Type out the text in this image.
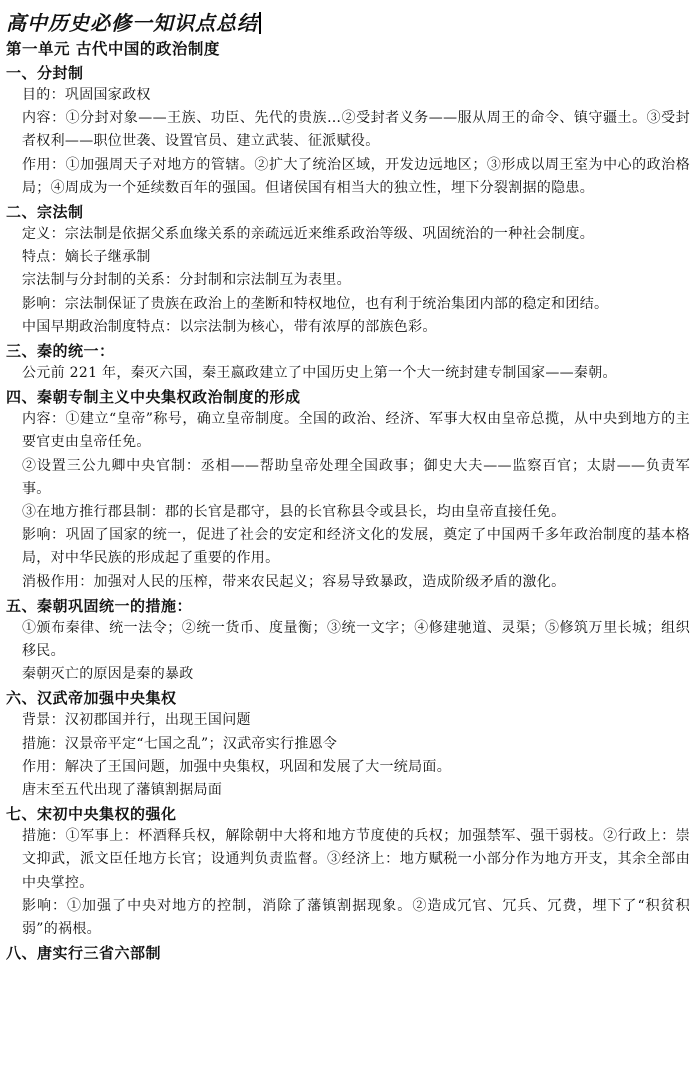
高中历史必修一知识点总结
第一单元 古代中国的政治制度
一、分封制
目的：巩固国家政权
内容：①分封对象——王族、功臣、先代的贵族…②受封者义务——服从周王的命令、镇守疆土。③受封者权利——职位世袭、设置官员、建立武装、征派赋役。
作用：①加强周天子对地方的管辖。②扩大了统治区域，开发边远地区；③形成以周王室为中心的政治格局；④周成为一个延续数百年的强国。但诸侯国有相当大的独立性，埋下分裂割据的隐患。
二、宗法制
定义：宗法制是依据父系血缘关系的亲疏远近来维系政治等级、巩固统治的一种社会制度。
特点：嫡长子继承制
宗法制与分封制的关系：分封制和宗法制互为表里。
影响：宗法制保证了贵族在政治上的垄断和特权地位，也有利于统治集团内部的稳定和团结。
中国早期政治制度特点：以宗法制为核心，带有浓厚的部族色彩。
三、秦的统一：
公元前 221 年，秦灭六国，秦王嬴政建立了中国历史上第一个大一统封建专制国家——秦朝。
四、秦朝专制主义中央集权政治制度的形成
内容：①建立“皇帝”称号，确立皇帝制度。全国的政治、经济、军事大权由皇帝总揽，从中央到地方的主要官吏由皇帝任免。
②设置三公九卿中央官制：丞相——帮助皇帝处理全国政事；御史大夫——监察百官；太尉——负责军事。
③在地方推行郡县制：郡的长官是郡守，县的长官称县令或县长，均由皇帝直接任免。
影响：巩固了国家的统一，促进了社会的安定和经济文化的发展，奠定了中国两千多年政治制度的基本格局，对中华民族的形成起了重要的作用。
消极作用：加强对人民的压榨，带来农民起义；容易导致暴政，造成阶级矛盾的激化。
五、秦朝巩固统一的措施：
①颁布秦律、统一法令；②统一货币、度量衡；③统一文字；④修建驰道、灵渠；⑤修筑万里长城；组织移民。
秦朝灭亡的原因是秦的暴政
六、汉武帝加强中央集权
背景：汉初郡国并行，出现王国问题
措施：汉景帝平定“七国之乱”；汉武帝实行推恩令
作用：解决了王国问题，加强中央集权，巩固和发展了大一统局面。
唐末至五代出现了藩镇割据局面
七、宋初中央集权的强化
措施：①军事上：杯酒释兵权，解除朝中大将和地方节度使的兵权；加强禁军、强干弱枝。②行政上：崇文抑武，派文臣任地方长官；设通判负责监督。③经济上：地方赋税一小部分作为地方开支，其余全部由中央掌控。
影响：①加强了中央对地方的控制，消除了藩镇割据现象。②造成冗官、冗兵、冗费，埋下了“积贫积弱”的祸根。
八、唐实行三省六部制
